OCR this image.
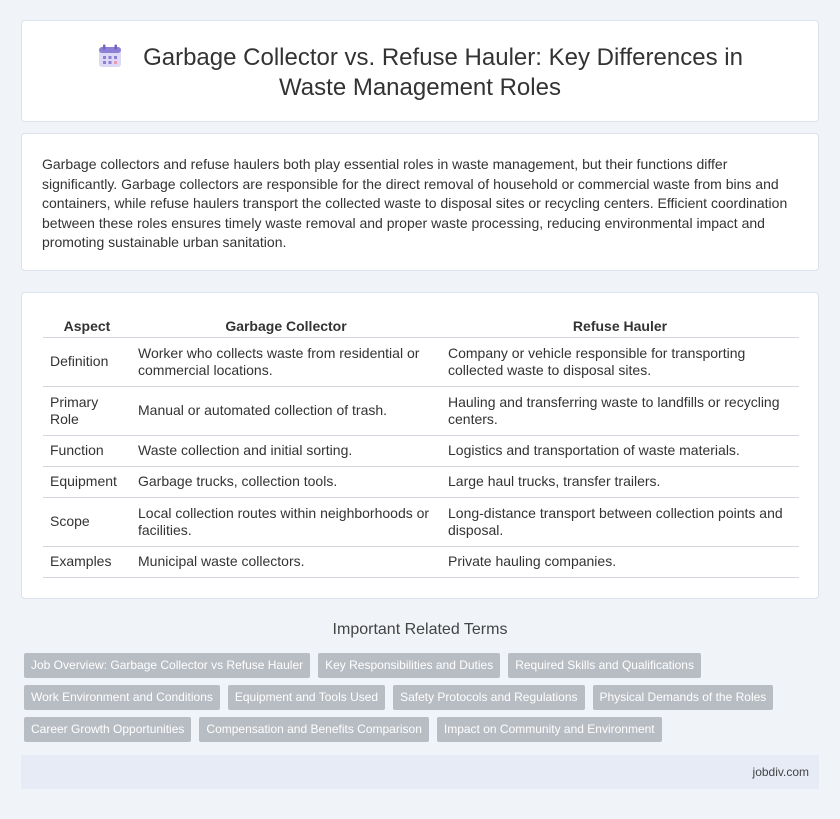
Garbage Collector vs. Refuse Hauler: Key Differences in Waste Management Roles

Garbage collectors and refuse haulers both play essential roles in waste management, but their functions differ significantly. Garbage collectors are responsible for the direct removal of household or commercial waste from bins and containers, while refuse haulers transport the collected waste to disposal sites or recycling centers. Efficient coordination between these roles ensures timely waste removal and proper waste processing, reducing environmental impact and promoting sustainable urban sanitation.

Aspect	Garbage Collector	Refuse Hauler
Definition	Worker who collects waste from residential or commercial locations.	Company or vehicle responsible for transporting collected waste to disposal sites.
Primary Role	Manual or automated collection of trash.	Hauling and transferring waste to landfills or recycling centers.
Function	Waste collection and initial sorting.	Logistics and transportation of waste materials.
Equipment	Garbage trucks, collection tools.	Large haul trucks, transfer trailers.
Scope	Local collection routes within neighborhoods or facilities.	Long-distance transport between collection points and disposal.
Examples	Municipal waste collectors.	Private hauling companies.
Important Related Terms
Job Overview: Garbage Collector vs Refuse Hauler	Key Responsibilities and Duties	Required Skills and Qualifications
Work Environment and Conditions	Equipment and Tools Used	Safety Protocols and Regulations	Physical Demands of the Roles
Career Growth Opportunities	Compensation and Benefits Comparison	Impact on Community and Environment
jobdiv.com
